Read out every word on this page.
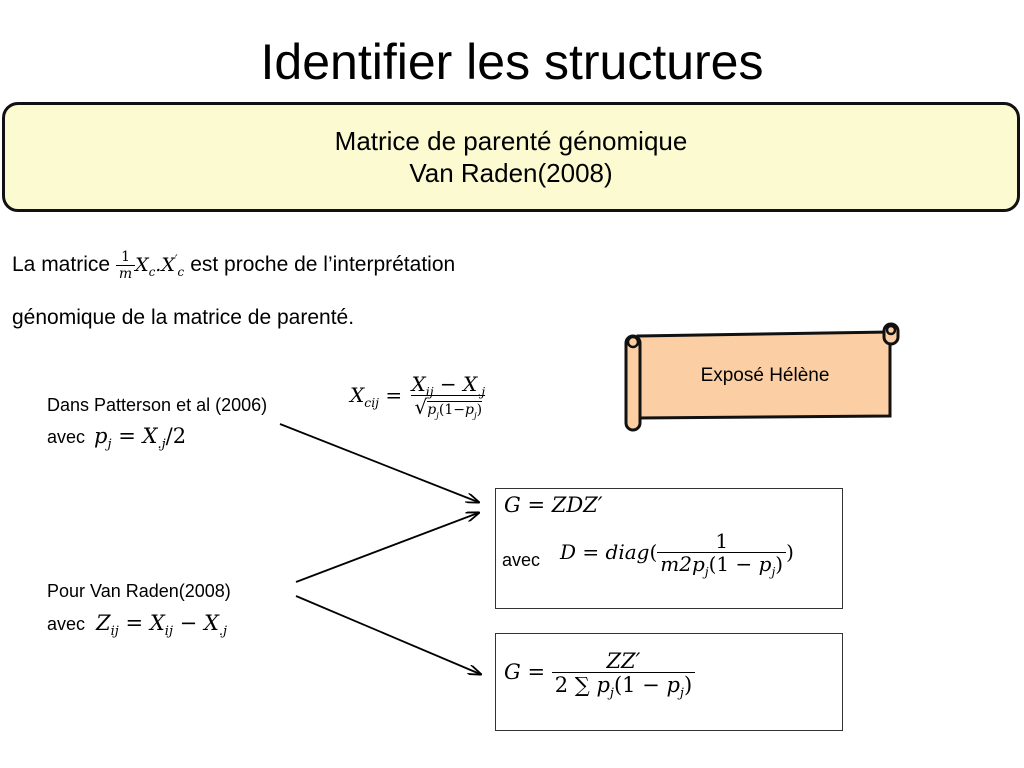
Identifier les structures
Matrice de parenté génomique
Van Raden(2008)
La matrice $\frac{1}{m} X_c.X'_c$ est proche de l’interprétation
génomique de la matrice de parenté.
Exposé Hélène
Dans Patterson et al (2006)
avec $p_j = X_{.j}/2$
$X_{cij} = \frac{X_{ij} - X_{.j}}{√p_j(1-p_j)}$
Pour Van Raden(2008)
avec $Z_{ij} = X_{ij} - X_{.j}$
G = ZDZ′
avec D = diag( $\frac{1}{m2p_j(1 - p_j)}$ )
$G = \frac{ZZ'}{2 \sum p_j(1 - p_j)}$
